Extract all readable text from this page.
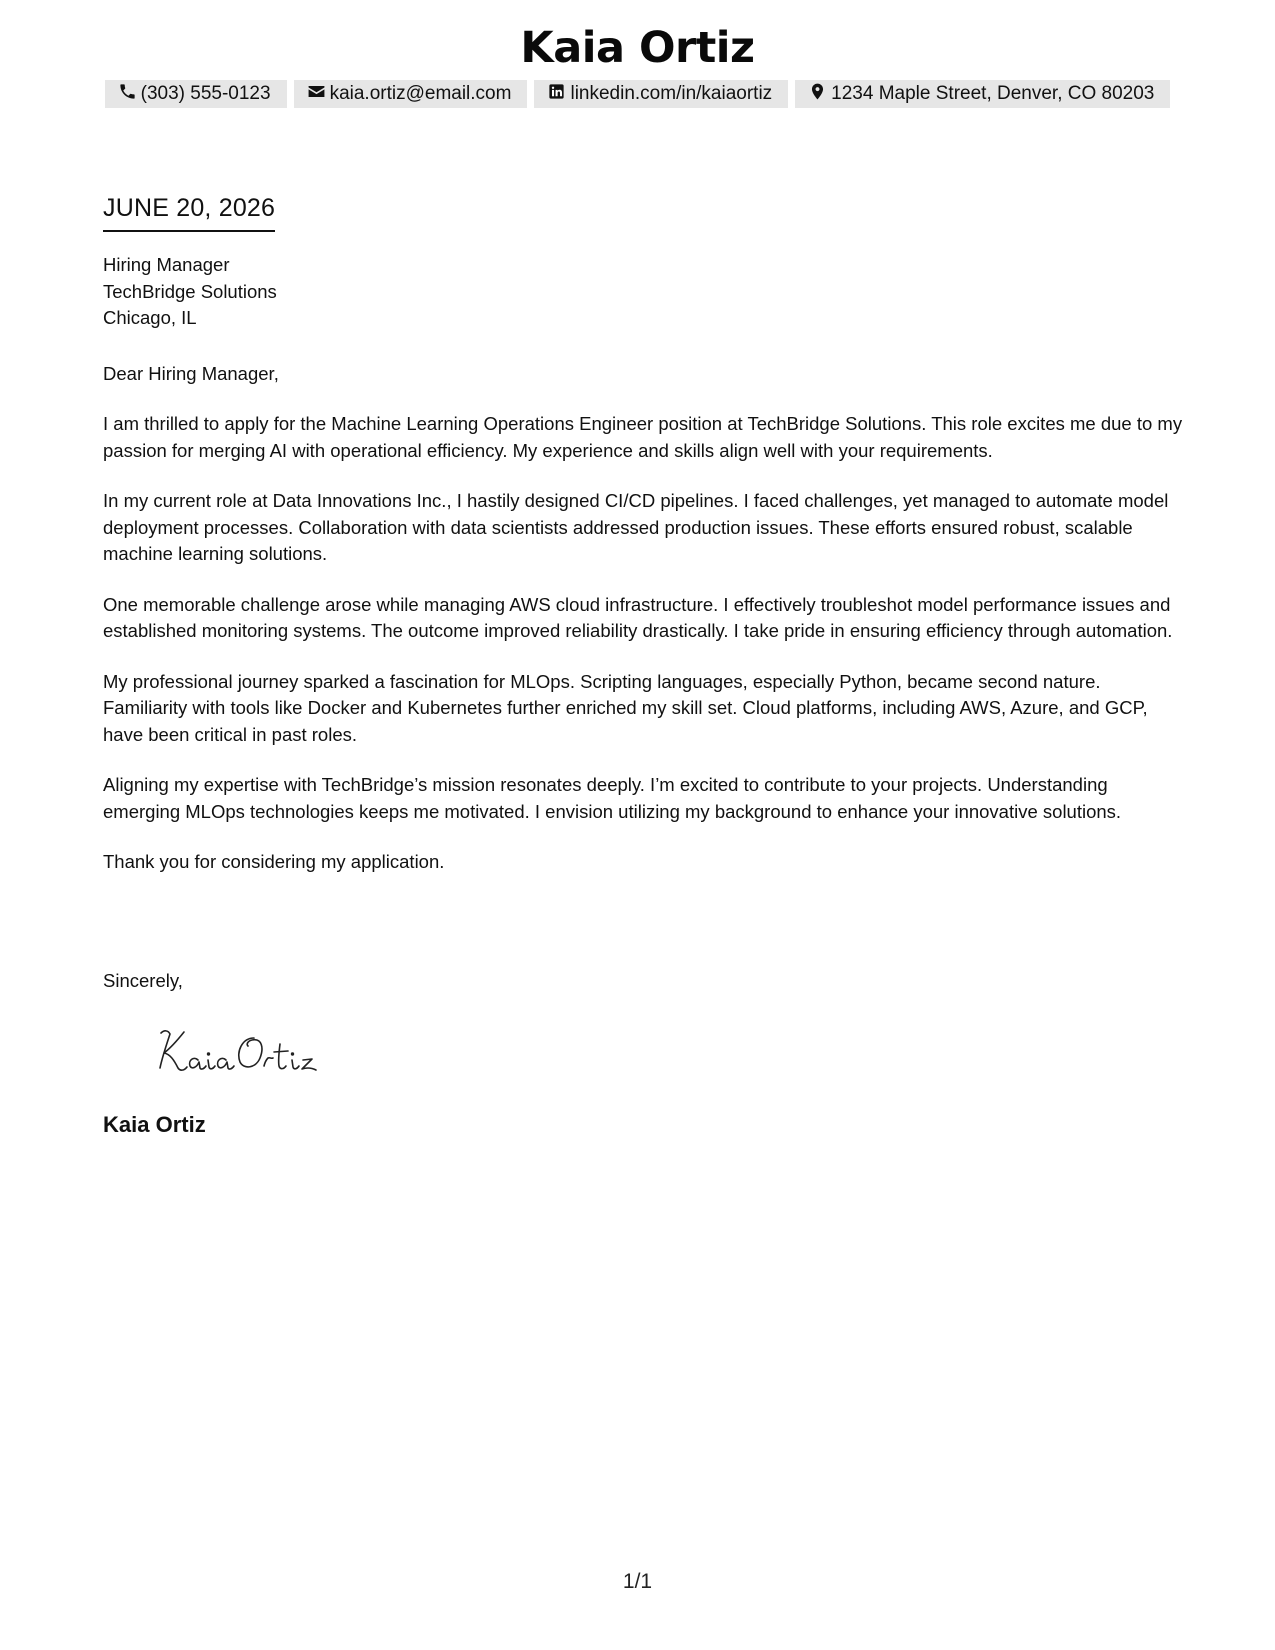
Kaia Ortiz
(303) 555-0123	kaia.ortiz@email.com	linkedin.com/in/kaiaortiz	1234 Maple Street, Denver, CO 80203
JUNE 20, 2026
Hiring Manager
TechBridge Solutions
Chicago, IL
Dear Hiring Manager,

I am thrilled to apply for the Machine Learning Operations Engineer position at TechBridge Solutions. This role excites me due to my passion for merging AI with operational efficiency. My experience and skills align well with your requirements.

In my current role at Data Innovations Inc., I hastily designed CI/CD pipelines. I faced challenges, yet managed to automate model deployment processes. Collaboration with data scientists addressed production issues. These efforts ensured robust, scalable machine learning solutions.

One memorable challenge arose while managing AWS cloud infrastructure. I effectively troubleshot model performance issues and established monitoring systems. The outcome improved reliability drastically. I take pride in ensuring efficiency through automation.

My professional journey sparked a fascination for MLOps. Scripting languages, especially Python, became second nature. Familiarity with tools like Docker and Kubernetes further enriched my skill set. Cloud platforms, including AWS, Azure, and GCP, have been critical in past roles.

Aligning my expertise with TechBridge’s mission resonates deeply. I’m excited to contribute to your projects. Understanding emerging MLOps technologies keeps me motivated. I envision utilizing my background to enhance your innovative solutions.

Thank you for considering my application.
Sincerely,
Kaia Ortiz
1/1
